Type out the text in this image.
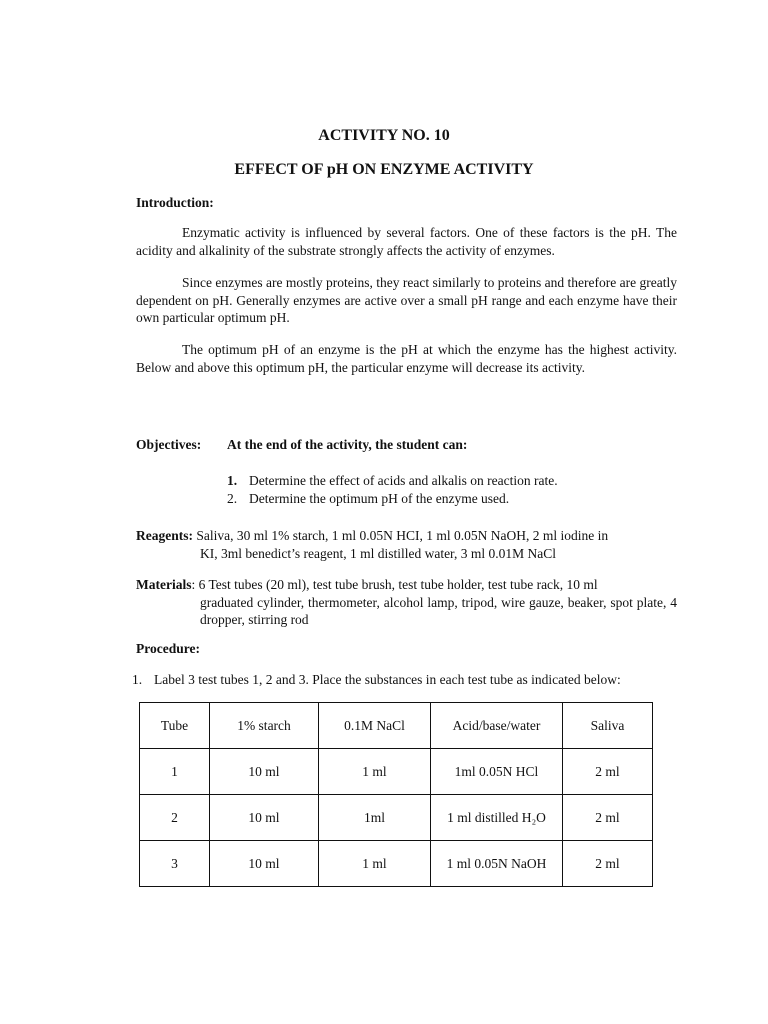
ACTIVITY NO. 10
EFFECT OF pH ON ENZYME ACTIVITY
Introduction:
Enzymatic activity is influenced by several factors. One of these factors is the pH. The acidity and alkalinity of the substrate strongly affects the activity of enzymes.
Since enzymes are mostly proteins, they react similarly to proteins and therefore are greatly dependent on pH. Generally enzymes are active over a small pH range and each enzyme have their own particular optimum pH.
The optimum pH of an enzyme is the pH at which the enzyme has the highest activity. Below and above this optimum pH, the particular enzyme will decrease its activity.
Objectives: At the end of the activity, the student can:
1. Determine the effect of acids and alkalis on reaction rate.
2. Determine the optimum pH of the enzyme used.
Reagents: Saliva, 30 ml 1% starch, 1 ml 0.05N HCI, 1 ml 0.05N NaOH, 2 ml iodine in
KI, 3ml benedict’s reagent, 1 ml distilled water, 3 ml 0.01M NaCl
Materials: 6 Test tubes (20 ml), test tube brush, test tube holder, test tube rack, 10 ml
graduated cylinder, thermometer, alcohol lamp, tripod, wire gauze, beaker, spot plate, 4 dropper, stirring rod
Procedure:
1. Label 3 test tubes 1, 2 and 3. Place the substances in each test tube as indicated below:
Tube	1% starch	0.1M NaCl	Acid/base/water	Saliva
1	10 ml	1 ml	1ml 0.05N HCl	2 ml
2	10 ml	1ml	1 ml distilled H₂O	2 ml
3	10 ml	1 ml	1 ml 0.05N NaOH	2 ml
